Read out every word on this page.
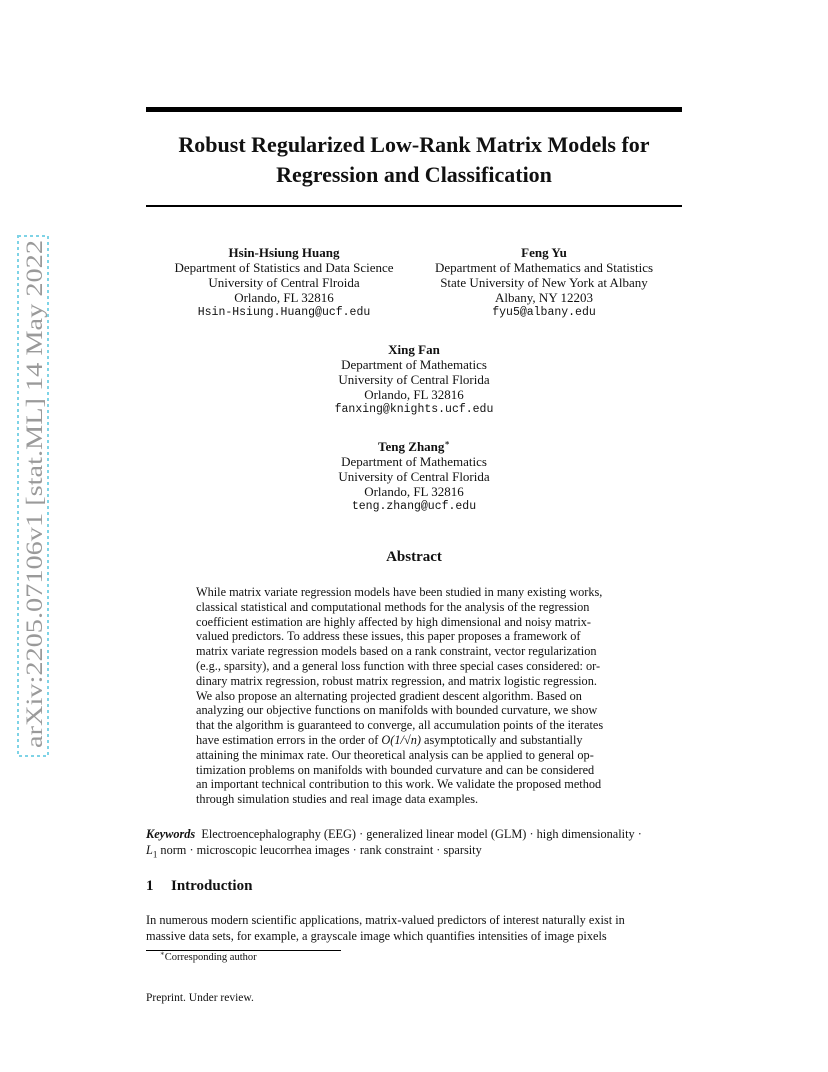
arXiv:2205.07106v1 [stat.ML] 14 May 2022
Robust Regularized Low-Rank Matrix Models for
Regression and Classification
Hsin-Hsiung Huang
Department of Statistics and Data Science
University of Central Flroida
Orlando, FL 32816
Hsin-Hsiung.Huang@ucf.edu
Feng Yu
Department of Mathematics and Statistics
State University of New York at Albany
Albany, NY 12203
fyu5@albany.edu
Xing Fan
Department of Mathematics
University of Central Florida
Orlando, FL 32816
fanxing@knights.ucf.edu
Teng Zhang∗
Department of Mathematics
University of Central Florida
Orlando, FL 32816
teng.zhang@ucf.edu
Abstract
While matrix variate regression models have been studied in many existing works,
classical statistical and computational methods for the analysis of the regression
coefficient estimation are highly affected by high dimensional and noisy matrix-
valued predictors. To address these issues, this paper proposes a framework of
matrix variate regression models based on a rank constraint, vector regularization
(e.g., sparsity), and a general loss function with three special cases considered: or-
dinary matrix regression, robust matrix regression, and matrix logistic regression.
We also propose an alternating projected gradient descent algorithm. Based on
analyzing our objective functions on manifolds with bounded curvature, we show
that the algorithm is guaranteed to converge, all accumulation points of the iterates
have estimation errors in the order of O(1/√n) asymptotically and substantially
attaining the minimax rate. Our theoretical analysis can be applied to general op-
timization problems on manifolds with bounded curvature and can be considered
an important technical contribution to this work. We validate the proposed method
through simulation studies and real image data examples.
Keywords Electroencephalography (EEG) · generalized linear model (GLM) · high dimensionality ·
$L_1$ norm · microscopic leucorrhea images · rank constraint · sparsity
1 Introduction
In numerous modern scientific applications, matrix-valued predictors of interest naturally exist in
massive data sets, for example, a grayscale image which quantifies intensities of image pixels
∗Corresponding author
Preprint. Under review.
